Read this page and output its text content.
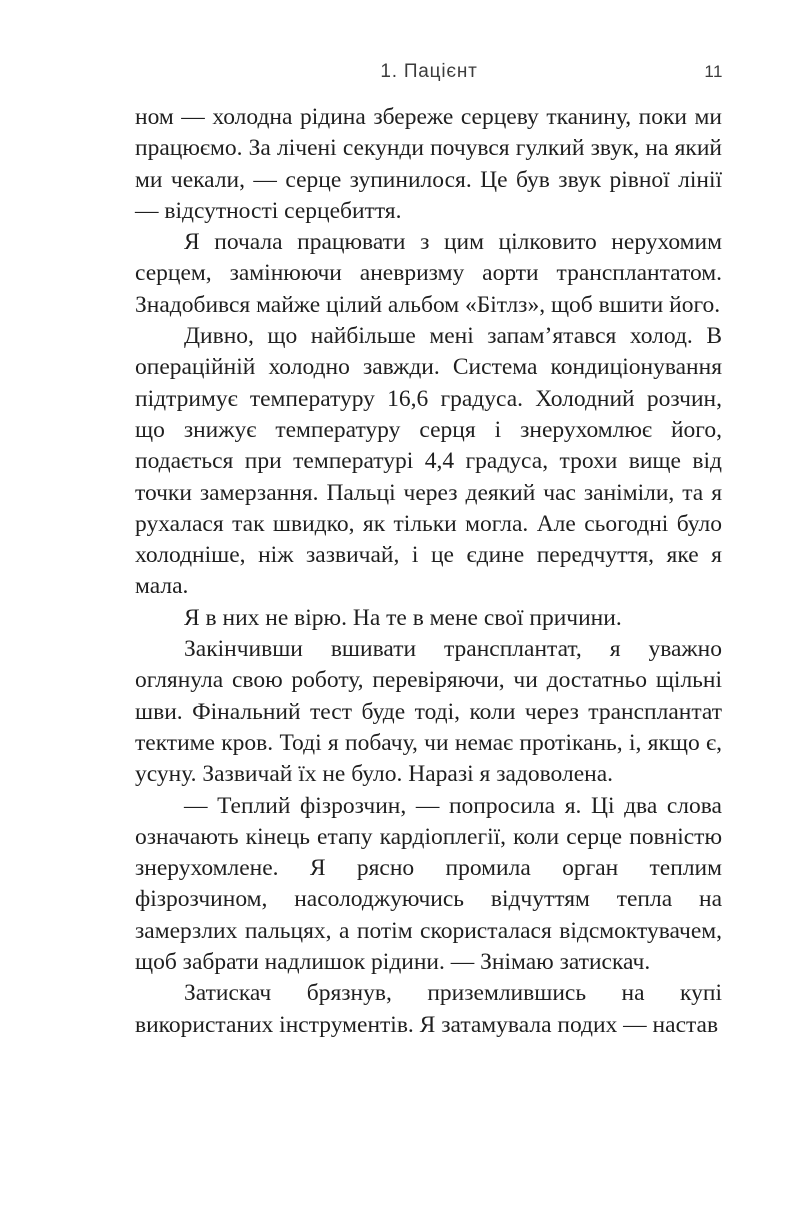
1. Пацієнт	11

ном — холодна рідина збереже серцеву тканину, поки ми працюємо. За лічені секунди почувся гулкий звук, на який ми чекали, — серце зупинилося. Це був звук рівної лінії — відсутності серцебиття.

Я почала працювати з цим цілковито нерухомим серцем, замінюючи аневризму аорти трансплантатом. Знадобився майже цілий альбом «Бітлз», щоб вшити його.

Дивно, що найбільше мені запам’ятався холод. В операційній холодно завжди. Система кондиціонування підтримує температуру 16,6 градуса. Холодний розчин, що знижує температуру серця і знерухомлює його, подається при температурі 4,4 градуса, трохи вище від точки замерзання. Пальці через деякий час заніміли, та я рухалася так швидко, як тільки могла. Але сьогодні було холодніше, ніж зазвичай, і це єдине передчуття, яке я мала.

Я в них не вірю. На те в мене свої причини.

Закінчивши вшивати трансплантат, я уважно оглянула свою роботу, перевіряючи, чи достатньо щільні шви. Фінальний тест буде тоді, коли через трансплантат тектиме кров. Тоді я побачу, чи немає протікань, і, якщо є, усуну. Зазвичай їх не було. Наразі я задоволена.

— Теплий фізрозчин, — попросила я. Ці два слова означають кінець етапу кардіоплегії, коли серце повністю знерухомлене. Я рясно промила орган теплим фізрозчином, насолоджуючись відчуттям тепла на замерзлих пальцях, а потім скористалася відсмоктувачем, щоб забрати надлишок рідини. — Знімаю затискач.

Затискач брязнув, приземлившись на купі використаних інструментів. Я затамувала подих — настав
